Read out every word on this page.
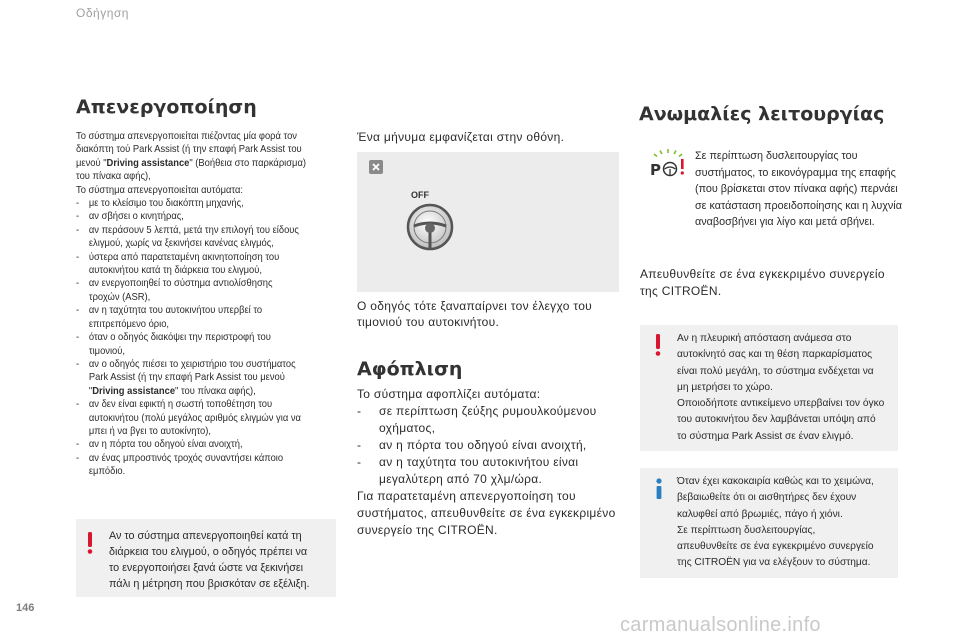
Οδήγηση
Απενεργοποίηση
Το σύστημα απενεργοποιείται πιέζοντας μία φορά τον
διακόπτη τού Park Assist (ή την επαφή Park Assist του
μενού "Driving assistance" (Βοήθεια στο παρκάρισμα)
του πίνακα αφής),
Το σύστημα απενεργοποιείται αυτόματα:
- με το κλείσιμο του διακόπτη μηχανής,
- αν σβήσει ο κινητήρας,
- αν περάσουν 5 λεπτά, μετά την επιλογή του είδους
ελιγμού, χωρίς να ξεκινήσει κανένας ελιγμός,
- ύστερα από παρατεταμένη ακινητοποίηση του
αυτοκινήτου κατά τη διάρκεια του ελιγμού,
- αν ενεργοποιηθεί το σύστημα αντιολίσθησης
τροχών (ASR),
- αν η ταχύτητα του αυτοκινήτου υπερβεί το
επιτρεπόμενο όριο,
- όταν ο οδηγός διακόψει την περιστροφή του
τιμονιού,
- αν ο οδηγός πιέσει το χειριστήριο του συστήματος
Park Assist (ή την επαφή Park Assist του μενού
"Driving assistance" του πίνακα αφής),
- αν δεν είναι εφικτή η σωστή τοποθέτηση του
αυτοκινήτου (πολύ μεγάλος αριθμός ελιγμών για να
μπει ή να βγει το αυτοκίνητο),
- αν η πόρτα του οδηγού είναι ανοιχτή,
- αν ένας μπροστινός τροχός συναντήσει κάποιο
εμπόδιο.
Αν το σύστημα απενεργοποιηθεί κατά τη
διάρκεια του ελιγμού, ο οδηγός πρέπει να
το ενεργοποιήσει ξανά ώστε να ξεκινήσει
πάλι η μέτρηση που βρισκόταν σε εξέλιξη.
146
Ένα μήνυμα εμφανίζεται στην οθόνη.
OFF
Ο οδηγός τότε ξαναπαίρνει τον έλεγχο του
τιμονιού του αυτοκινήτου.
Αφόπλιση
Το σύστημα αφοπλίζει αυτόματα:
- σε περίπτωση ζεύξης ρυμουλκούμενου
οχήματος,
- αν η πόρτα του οδηγού είναι ανοιχτή,
- αν η ταχύτητα του αυτοκινήτου είναι
μεγαλύτερη από 70 χλμ/ώρα.
Για παρατεταμένη απενεργοποίηση του
συστήματος, απευθυνθείτε σε ένα εγκεκριμένο
συνεργείο της CITROËN.
Ανωμαλίες λειτουργίας
P
Σε περίπτωση δυσλειτουργίας του
συστήματος, το εικονόγραμμα της επαφής
(που βρίσκεται στον πίνακα αφής) περνάει
σε κατάσταση προειδοποίησης και η λυχνία
αναβοσβήνει για λίγο και μετά σβήνει.
Απευθυνθείτε σε ένα εγκεκριμένο συνεργείο
της CITROËN.
Αν η πλευρική απόσταση ανάμεσα στο
αυτοκίνητό σας και τη θέση παρκαρίσματος
είναι πολύ μεγάλη, το σύστημα ενδέχεται να
μη μετρήσει το χώρο.
Οποιοδήποτε αντικείμενο υπερβαίνει τον όγκο
του αυτοκινήτου δεν λαμβάνεται υπόψη από
το σύστημα Park Assist σε έναν ελιγμό.
Όταν έχει κακοκαιρία καθώς και το χειμώνα,
βεβαιωθείτε ότι οι αισθητήρες δεν έχουν
καλυφθεί από βρωμιές, πάγο ή χιόνι.
Σε περίπτωση δυσλειτουργίας,
απευθυνθείτε σε ένα εγκεκριμένο συνεργείο
της CITROËN για να ελέγξουν το σύστημα.
carmanualsonline.info
